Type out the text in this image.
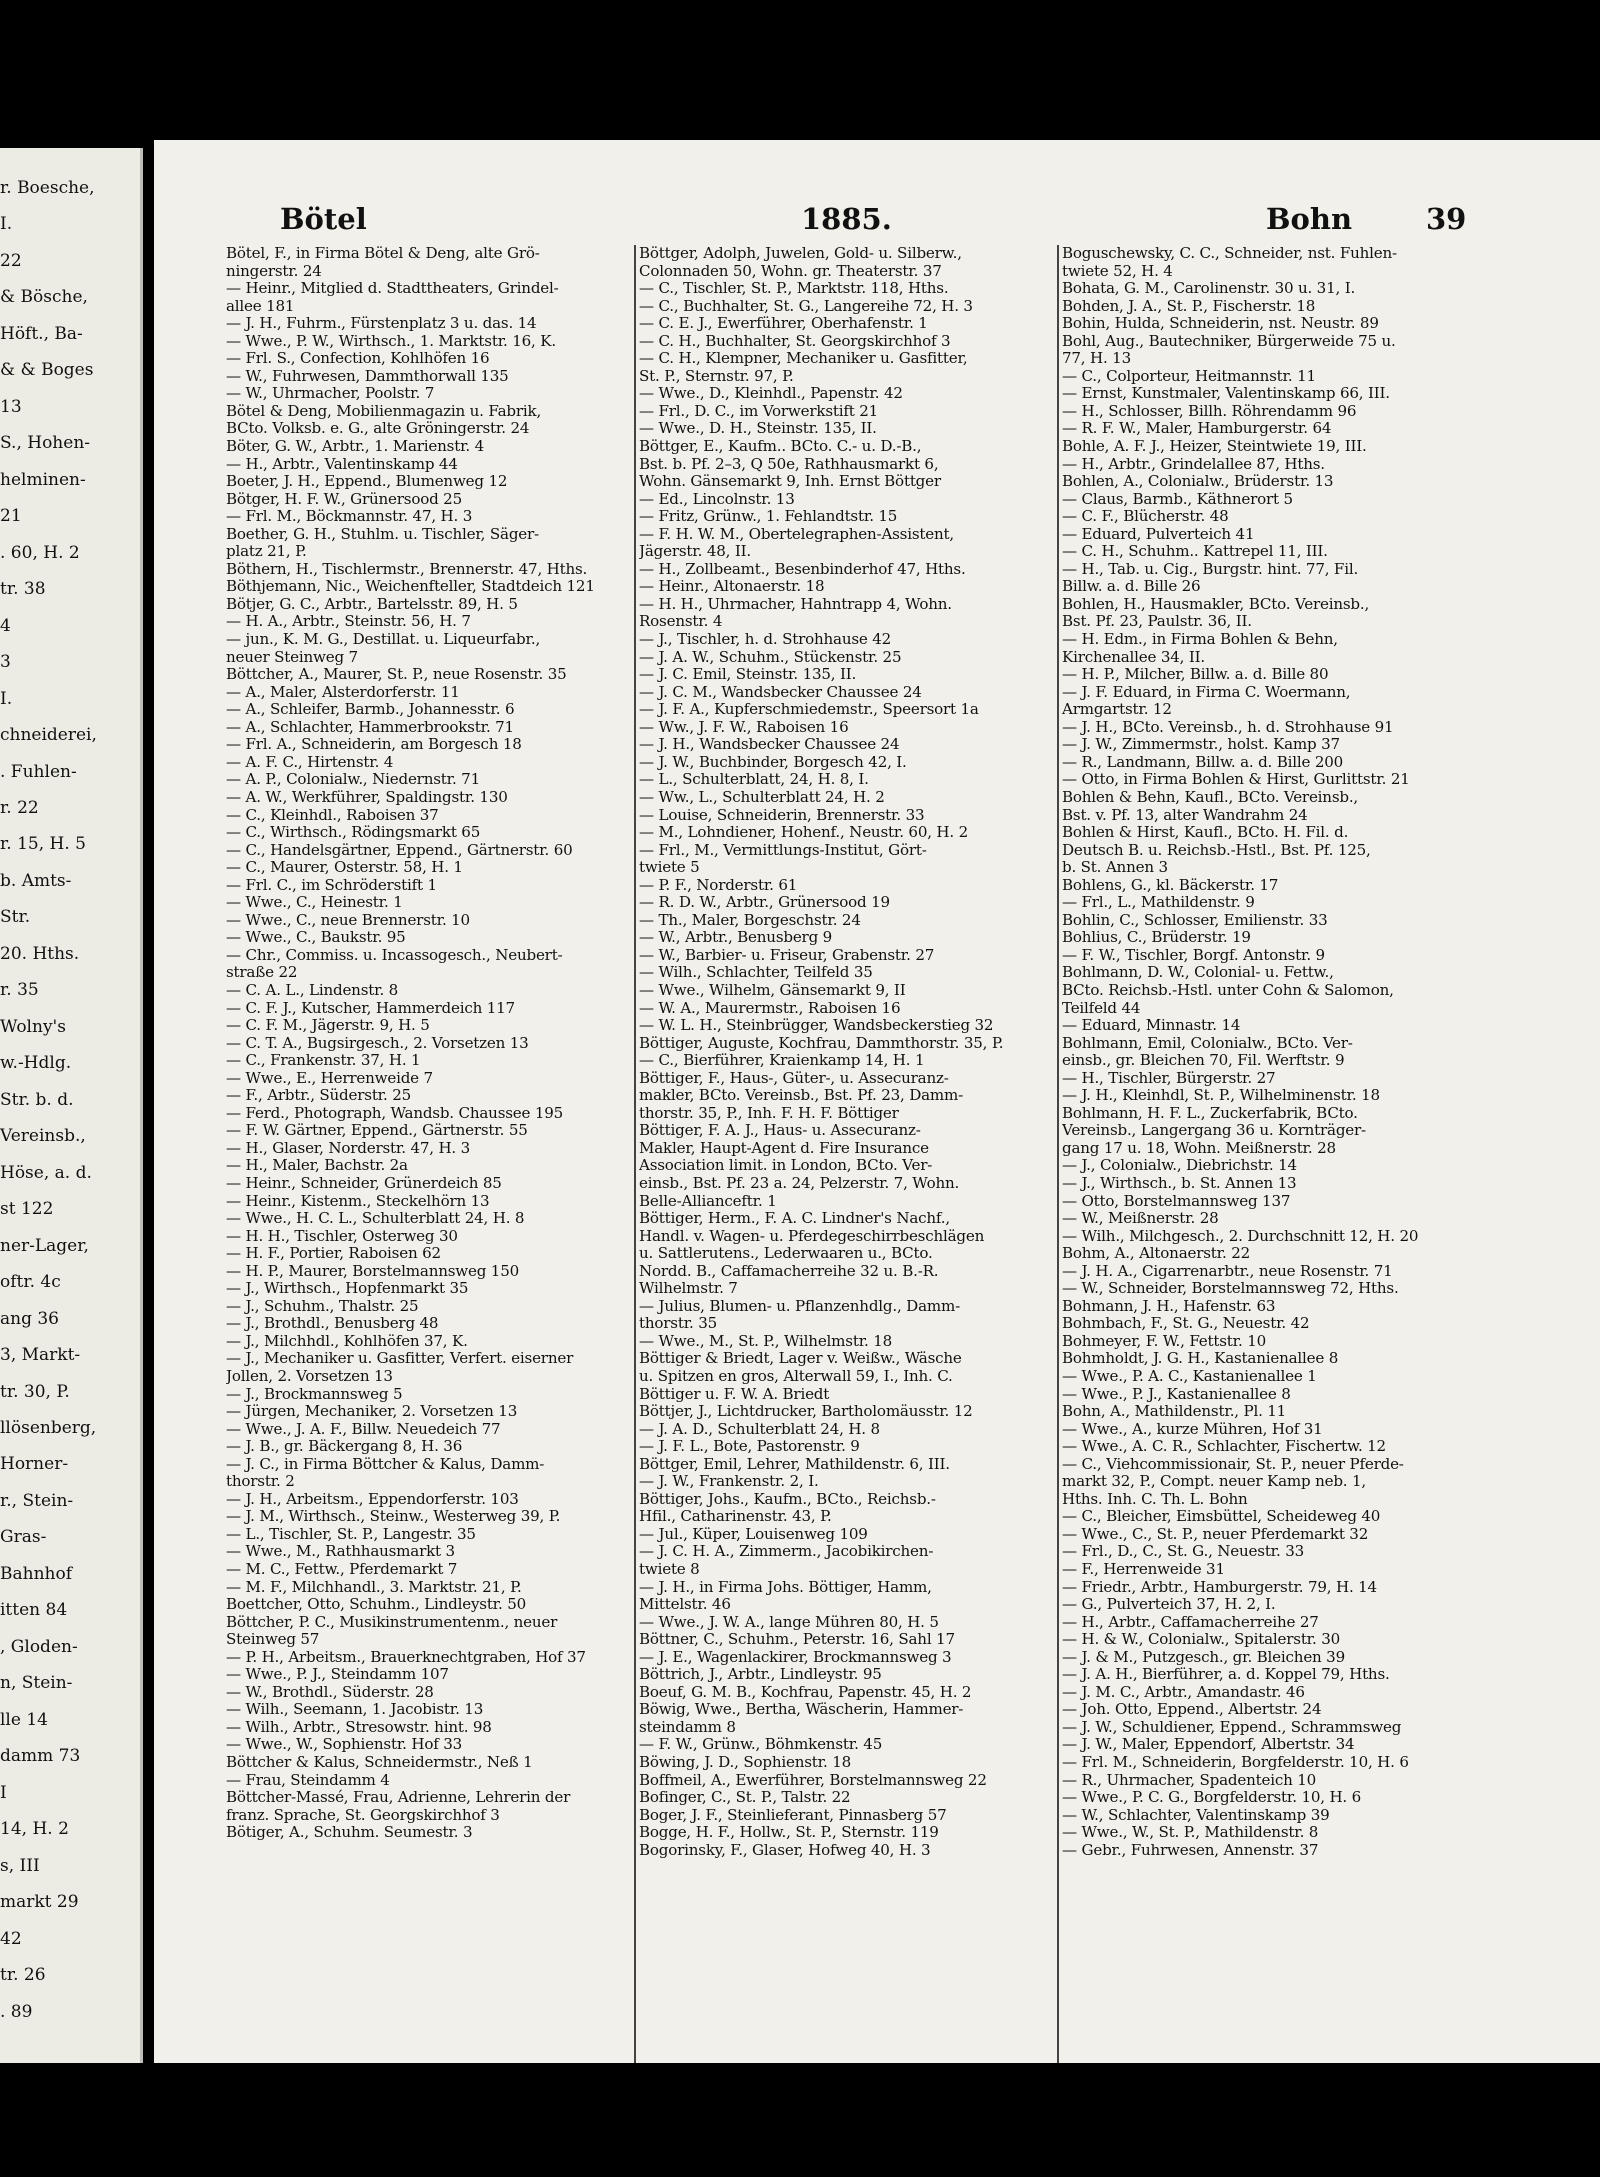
r. Boesche,
I.
22
& Bösche,
Höft., Ba-
& & Boges
13
S., Hohen-
helminen-
21
. 60, H. 2
tr. 38
4
3
I.
chneiderei,
. Fuhlen-
r. 22
r. 15, H. 5
b. Amts-
Str.
20. Hths.
r. 35
Wolny's
w.-Hdlg.
Str. b. d.
Vereinsb.,
Höse, a. d.
st 122
ner-Lager,
oftr. 4c
ang 36
3, Markt-
tr. 30, P.
llösenberg,
Horner-
r., Stein-
Gras-
Bahnhof
itten 84
, Gloden-
n, Stein-
lle 14
damm 73
I
14, H. 2
s, III
markt 29
42
tr. 26
. 89
Bötel	1885.	Bohn	39
Bötel, F., in Firma Bötel & Deng, alte Grö-
ningerstr. 24
— Heinr., Mitglied d. Stadttheaters, Grindel-
allee 181
— J. H., Fuhrm., Fürstenplatz 3 u. das. 14
— Wwe., P. W., Wirthsch., 1. Marktstr. 16, K.
— Frl. S., Confection, Kohlhöfen 16
— W., Fuhrwesen, Dammthorwall 135
— W., Uhrmacher, Poolstr. 7
Bötel & Deng, Mobilienmagazin u. Fabrik,
BCto. Volksb. e. G., alte Gröningerstr. 24
Böter, G. W., Arbtr., 1. Marienstr. 4
— H., Arbtr., Valentinskamp 44
Boeter, J. H., Eppend., Blumenweg 12
Bötger, H. F. W., Grünersood 25
— Frl. M., Böckmannstr. 47, H. 3
Boether, G. H., Stuhlm. u. Tischler, Säger-
platz 21, P.
Böthern, H., Tischlermstr., Brennerstr. 47, Hths.
Böthjemann, Nic., Weichenfteller, Stadtdeich 121
Bötjer, G. C., Arbtr., Bartelsstr. 89, H. 5
— H. A., Arbtr., Steinstr. 56, H. 7
— jun., K. M. G., Destillat. u. Liqueurfabr.,
neuer Steinweg 7
Böttcher, A., Maurer, St. P., neue Rosenstr. 35
— A., Maler, Alsterdorferstr. 11
— A., Schleifer, Barmb., Johannesstr. 6
— A., Schlachter, Hammerbrookstr. 71
— Frl. A., Schneiderin, am Borgesch 18
— A. F. C., Hirtenstr. 4
— A. P., Colonialw., Niedernstr. 71
— A. W., Werkführer, Spaldingstr. 130
— C., Kleinhdl., Raboisen 37
— C., Wirthsch., Rödingsmarkt 65
— C., Handelsgärtner, Eppend., Gärtnerstr. 60
— C., Maurer, Osterstr. 58, H. 1
— Frl. C., im Schröderstift 1
— Wwe., C., Heinestr. 1
— Wwe., C., neue Brennerstr. 10
— Wwe., C., Baukstr. 95
— Chr., Commiss. u. Incassogesch., Neubert-
straße 22
— C. A. L., Lindenstr. 8
— C. F. J., Kutscher, Hammerdeich 117
— C. F. M., Jägerstr. 9, H. 5
— C. T. A., Bugsirgesch., 2. Vorsetzen 13
— C., Frankenstr. 37, H. 1
— Wwe., E., Herrenweide 7
— F., Arbtr., Süderstr. 25
— Ferd., Photograph, Wandsb. Chaussee 195
— F. W. Gärtner, Eppend., Gärtnerstr. 55
— H., Glaser, Norderstr. 47, H. 3
— H., Maler, Bachstr. 2a
— Heinr., Schneider, Grünerdeich 85
— Heinr., Kistenm., Steckelhörn 13
— Wwe., H. C. L., Schulterblatt 24, H. 8
— H. H., Tischler, Osterweg 30
— H. F., Portier, Raboisen 62
— H. P., Maurer, Borstelmannsweg 150
— J., Wirthsch., Hopfenmarkt 35
— J., Schuhm., Thalstr. 25
— J., Brothdl., Benusberg 48
— J., Milchhdl., Kohlhöfen 37, K.
— J., Mechaniker u. Gasfitter, Verfert. eiserner
Jollen, 2. Vorsetzen 13
— J., Brockmannsweg 5
— Jürgen, Mechaniker, 2. Vorsetzen 13
— Wwe., J. A. F., Billw. Neuedeich 77
— J. B., gr. Bäckergang 8, H. 36
— J. C., in Firma Böttcher & Kalus, Damm-
thorstr. 2
— J. H., Arbeitsm., Eppendorferstr. 103
— J. M., Wirthsch., Steinw., Westerweg 39, P.
— L., Tischler, St. P., Langestr. 35
— Wwe., M., Rathhausmarkt 3
— M. C., Fettw., Pferdemarkt 7
— M. F., Milchhandl., 3. Marktstr. 21, P.
Boettcher, Otto, Schuhm., Lindleystr. 50
Böttcher, P. C., Musikinstrumentenm., neuer
Steinweg 57
— P. H., Arbeitsm., Brauerknechtgraben, Hof 37
— Wwe., P. J., Steindamm 107
— W., Brothdl., Süderstr. 28
— Wilh., Seemann, 1. Jacobistr. 13
— Wilh., Arbtr., Stresowstr. hint. 98
— Wwe., W., Sophienstr. Hof 33
Böttcher & Kalus, Schneidermstr., Neß 1
— Frau, Steindamm 4
Böttcher-Massé, Frau, Adrienne, Lehrerin der
franz. Sprache, St. Georgskirchhof 3
Bötiger, A., Schuhm. Seumestr. 3
Böttger, Adolph, Juwelen, Gold- u. Silberw.,
Colonnaden 50, Wohn. gr. Theaterstr. 37
— C., Tischler, St. P., Marktstr. 118, Hths.
— C., Buchhalter, St. G., Langereihe 72, H. 3
— C. E. J., Ewerführer, Oberhafenstr. 1
— C. H., Buchhalter, St. Georgskirchhof 3
— C. H., Klempner, Mechaniker u. Gasfitter,
St. P., Sternstr. 97, P.
— Wwe., D., Kleinhdl., Papenstr. 42
— Frl., D. C., im Vorwerkstift 21
— Wwe., D. H., Steinstr. 135, II.
Böttger, E., Kaufm.. BCto. C.- u. D.-B.,
Bst. b. Pf. 2–3, Q 50e, Rathhausmarkt 6,
Wohn. Gänsemarkt 9, Inh. Ernst Böttger
— Ed., Lincolnstr. 13
— Fritz, Grünw., 1. Fehlandtstr. 15
— F. H. W. M., Obertelegraphen-Assistent,
Jägerstr. 48, II.
— H., Zollbeamt., Besenbinderhof 47, Hths.
— Heinr., Altonaerstr. 18
— H. H., Uhrmacher, Hahntrapp 4, Wohn.
Rosenstr. 4
— J., Tischler, h. d. Strohhause 42
— J. A. W., Schuhm., Stückenstr. 25
— J. C. Emil, Steinstr. 135, II.
— J. C. M., Wandsbecker Chaussee 24
— J. F. A., Kupferschmiedemstr., Speersort 1a
— Ww., J. F. W., Raboisen 16
— J. H., Wandsbecker Chaussee 24
— J. W., Buchbinder, Borgesch 42, I.
— L., Schulterblatt, 24, H. 8, I.
— Ww., L., Schulterblatt 24, H. 2
— Louise, Schneiderin, Brennerstr. 33
— M., Lohndiener, Hohenf., Neustr. 60, H. 2
— Frl., M., Vermittlungs-Institut, Gört-
twiete 5
— P. F., Norderstr. 61
— R. D. W., Arbtr., Grünersood 19
— Th., Maler, Borgeschstr. 24
— W., Arbtr., Benusberg 9
— W., Barbier- u. Friseur, Grabenstr. 27
— Wilh., Schlachter, Teilfeld 35
— Wwe., Wilhelm, Gänsemarkt 9, II
— W. A., Maurermstr., Raboisen 16
— W. L. H., Steinbrügger, Wandsbeckerstieg 32
Böttiger, Auguste, Kochfrau, Dammthorstr. 35, P.
— C., Bierführer, Kraienkamp 14, H. 1
Böttiger, F., Haus-, Güter-, u. Assecuranz-
makler, BCto. Vereinsb., Bst. Pf. 23, Damm-
thorstr. 35, P., Inh. F. H. F. Böttiger
Böttiger, F. A. J., Haus- u. Assecuranz-
Makler, Haupt-Agent d. Fire Insurance
Association limit. in London, BCto. Ver-
einsb., Bst. Pf. 23 a. 24, Pelzerstr. 7, Wohn.
Belle-Allianceftr. 1
Böttiger, Herm., F. A. C. Lindner's Nachf.,
Handl. v. Wagen- u. Pferdegeschirrbeschlägen
u. Sattlerutens., Lederwaaren u., BCto.
Nordd. B., Caffamacherreihe 32 u. B.-R.
Wilhelmstr. 7
— Julius, Blumen- u. Pflanzenhdlg., Damm-
thorstr. 35
— Wwe., M., St. P., Wilhelmstr. 18
Böttiger & Briedt, Lager v. Weißw., Wäsche
u. Spitzen en gros, Alterwall 59, I., Inh. C.
Böttiger u. F. W. A. Briedt
Böttjer, J., Lichtdrucker, Bartholomäusstr. 12
— J. A. D., Schulterblatt 24, H. 8
— J. F. L., Bote, Pastorenstr. 9
Böttger, Emil, Lehrer, Mathildenstr. 6, III.
— J. W., Frankenstr. 2, I.
Böttiger, Johs., Kaufm., BCto., Reichsb.-
Hfil., Catharinenstr. 43, P.
— Jul., Küper, Louisenweg 109
— J. C. H. A., Zimmerm., Jacobikirchen-
twiete 8
— J. H., in Firma Johs. Böttiger, Hamm,
Mittelstr. 46
— Wwe., J. W. A., lange Mühren 80, H. 5
Böttner, C., Schuhm., Peterstr. 16, Sahl 17
— J. E., Wagenlackirer, Brockmannsweg 3
Böttrich, J., Arbtr., Lindleystr. 95
Boeuf, G. M. B., Kochfrau, Papenstr. 45, H. 2
Böwig, Wwe., Bertha, Wäscherin, Hammer-
steindamm 8
— F. W., Grünw., Böhmkenstr. 45
Böwing, J. D., Sophienstr. 18
Boffmeil, A., Ewerführer, Borstelmannsweg 22
Bofinger, C., St. P., Talstr. 22
Boger, J. F., Steinlieferant, Pinnasberg 57
Bogge, H. F., Hollw., St. P., Sternstr. 119
Bogorinsky, F., Glaser, Hofweg 40, H. 3
Boguschewsky, C. C., Schneider, nst. Fuhlen-
twiete 52, H. 4
Bohata, G. M., Carolinenstr. 30 u. 31, I.
Bohden, J. A., St. P., Fischerstr. 18
Bohin, Hulda, Schneiderin, nst. Neustr. 89
Bohl, Aug., Bautechniker, Bürgerweide 75 u.
77, H. 13
— C., Colporteur, Heitmannstr. 11
— Ernst, Kunstmaler, Valentinskamp 66, III.
— H., Schlosser, Billh. Röhrendamm 96
— R. F. W., Maler, Hamburgerstr. 64
Bohle, A. F. J., Heizer, Steintwiete 19, III.
— H., Arbtr., Grindelallee 87, Hths.
Bohlen, A., Colonialw., Brüderstr. 13
— Claus, Barmb., Käthnerort 5
— C. F., Blücherstr. 48
— Eduard, Pulverteich 41
— C. H., Schuhm.. Kattrepel 11, III.
— H., Tab. u. Cig., Burgstr. hint. 77, Fil.
Billw. a. d. Bille 26
Bohlen, H., Hausmakler, BCto. Vereinsb.,
Bst. Pf. 23, Paulstr. 36, II.
— H. Edm., in Firma Bohlen & Behn,
Kirchenallee 34, II.
— H. P., Milcher, Billw. a. d. Bille 80
— J. F. Eduard, in Firma C. Woermann,
Armgartstr. 12
— J. H., BCto. Vereinsb., h. d. Strohhause 91
— J. W., Zimmermstr., holst. Kamp 37
— R., Landmann, Billw. a. d. Bille 200
— Otto, in Firma Bohlen & Hirst, Gurlittstr. 21
Bohlen & Behn, Kaufl., BCto. Vereinsb.,
Bst. v. Pf. 13, alter Wandrahm 24
Bohlen & Hirst, Kaufl., BCto. H. Fil. d.
Deutsch B. u. Reichsb.-Hstl., Bst. Pf. 125,
b. St. Annen 3
Bohlens, G., kl. Bäckerstr. 17
— Frl., L., Mathildenstr. 9
Bohlin, C., Schlosser, Emilienstr. 33
Bohlius, C., Brüderstr. 19
— F. W., Tischler, Borgf. Antonstr. 9
Bohlmann, D. W., Colonial- u. Fettw.,
BCto. Reichsb.-Hstl. unter Cohn & Salomon,
Teilfeld 44
— Eduard, Minnastr. 14
Bohlmann, Emil, Colonialw., BCto. Ver-
einsb., gr. Bleichen 70, Fil. Werftstr. 9
— H., Tischler, Bürgerstr. 27
— J. H., Kleinhdl, St. P., Wilhelminenstr. 18
Bohlmann, H. F. L., Zuckerfabrik, BCto.
Vereinsb., Langergang 36 u. Kornträger-
gang 17 u. 18, Wohn. Meißnerstr. 28
— J., Colonialw., Diebrichstr. 14
— J., Wirthsch., b. St. Annen 13
— Otto, Borstelmannsweg 137
— W., Meißnerstr. 28
— Wilh., Milchgesch., 2. Durchschnitt 12, H. 20
Bohm, A., Altonaerstr. 22
— J. H. A., Cigarrenarbtr., neue Rosenstr. 71
— W., Schneider, Borstelmannsweg 72, Hths.
Bohmann, J. H., Hafenstr. 63
Bohmbach, F., St. G., Neuestr. 42
Bohmeyer, F. W., Fettstr. 10
Bohmholdt, J. G. H., Kastanienallee 8
— Wwe., P. A. C., Kastanienallee 1
— Wwe., P. J., Kastanienallee 8
Bohn, A., Mathildenstr., Pl. 11
— Wwe., A., kurze Mühren, Hof 31
— Wwe., A. C. R., Schlachter, Fischertw. 12
— C., Viehcommissionair, St. P., neuer Pferde-
markt 32, P., Compt. neuer Kamp neb. 1,
Hths. Inh. C. Th. L. Bohn
— C., Bleicher, Eimsbüttel, Scheideweg 40
— Wwe., C., St. P., neuer Pferdemarkt 32
— Frl., D., C., St. G., Neuestr. 33
— F., Herrenweide 31
— Friedr., Arbtr., Hamburgerstr. 79, H. 14
— G., Pulverteich 37, H. 2, I.
— H., Arbtr., Caffamacherreihe 27
— H. & W., Colonialw., Spitalerstr. 30
— J. & M., Putzgesch., gr. Bleichen 39
— J. A. H., Bierführer, a. d. Koppel 79, Hths.
— J. M. C., Arbtr., Amandastr. 46
— Joh. Otto, Eppend., Albertstr. 24
— J. W., Schuldiener, Eppend., Schrammsweg
— J. W., Maler, Eppendorf, Albertstr. 34
— Frl. M., Schneiderin, Borgfelderstr. 10, H. 6
— R., Uhrmacher, Spadenteich 10
— Wwe., P. C. G., Borgfelderstr. 10, H. 6
— W., Schlachter, Valentinskamp 39
— Wwe., W., St. P., Mathildenstr. 8
— Gebr., Fuhrwesen, Annenstr. 37
